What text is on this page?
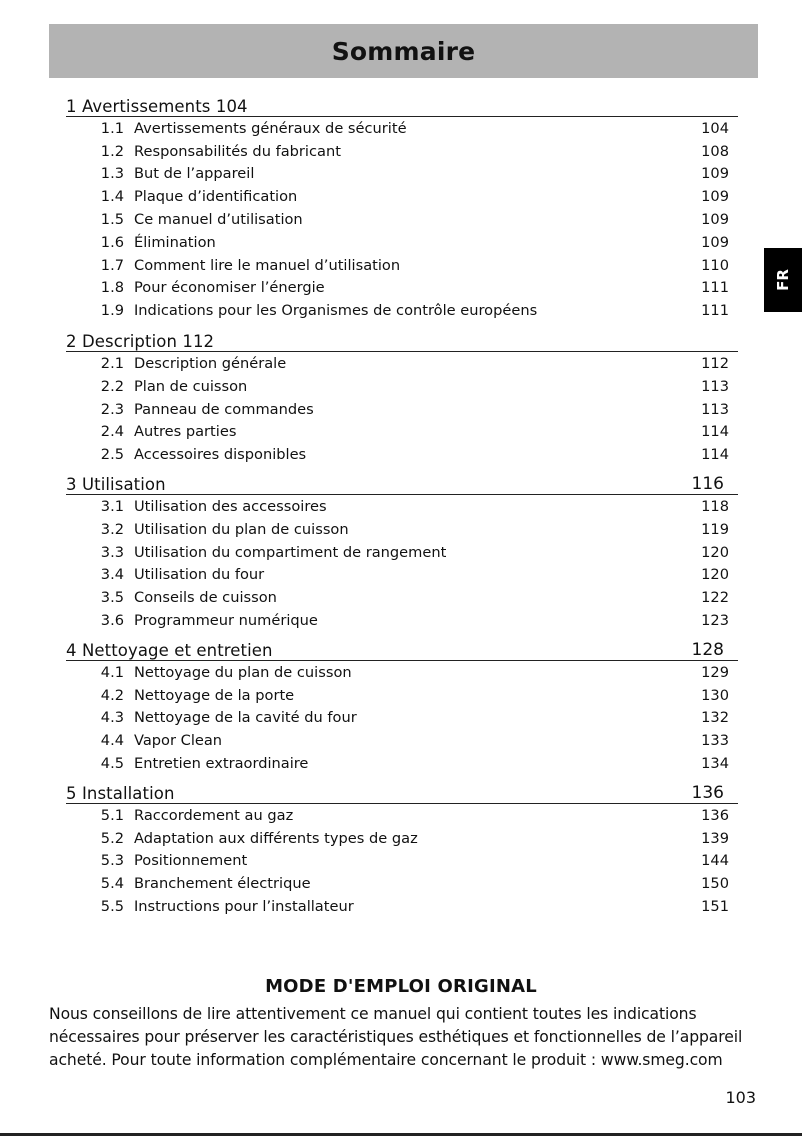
Sommaire
FR
1 Avertissements 104
1.1 Avertissements généraux de sécurité	104
1.2 Responsabilités du fabricant	108
1.3 But de l’appareil	109
1.4 Plaque d’identification	109
1.5 Ce manuel d’utilisation	109
1.6 Élimination	109
1.7 Comment lire le manuel d’utilisation	110
1.8 Pour économiser l’énergie	111
1.9 Indications pour les Organismes de contrôle européens	111
2 Description 112
2.1 Description générale	112
2.2 Plan de cuisson	113
2.3 Panneau de commandes	113
2.4 Autres parties	114
2.5 Accessoires disponibles	114
3 Utilisation	116
3.1 Utilisation des accessoires	118
3.2 Utilisation du plan de cuisson	119
3.3 Utilisation du compartiment de rangement	120
3.4 Utilisation du four	120
3.5 Conseils de cuisson	122
3.6 Programmeur numérique	123
4 Nettoyage et entretien	128
4.1 Nettoyage du plan de cuisson	129
4.2 Nettoyage de la porte	130
4.3 Nettoyage de la cavité du four	132
4.4 Vapor Clean	133
4.5 Entretien extraordinaire	134
5 Installation	136
5.1 Raccordement au gaz	136
5.2 Adaptation aux différents types de gaz	139
5.3 Positionnement	144
5.4 Branchement électrique	150
5.5 Instructions pour l’installateur	151
MODE D'EMPLOI ORIGINAL
Nous conseillons de lire attentivement ce manuel qui contient toutes les indications nécessaires pour préserver les caractéristiques esthétiques et fonctionnelles de l’appareil acheté. Pour toute information complémentaire concernant le produit : www.smeg.com
103
